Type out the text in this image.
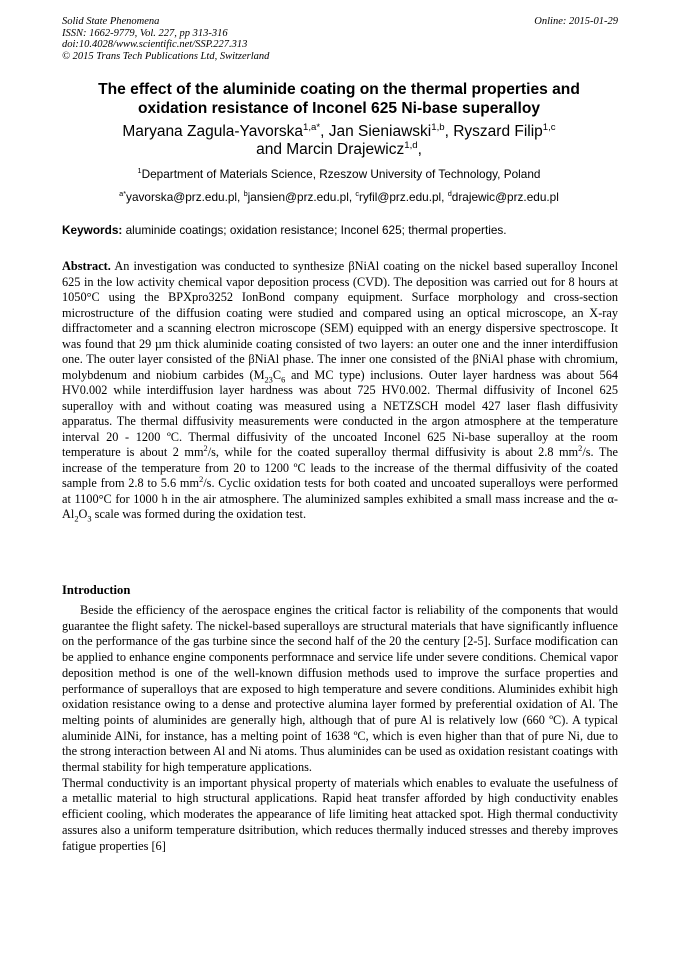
Solid State Phenomena
ISSN: 1662-9779, Vol. 227, pp 313-316
doi:10.4028/www.scientific.net/SSP.227.313
© 2015 Trans Tech Publications Ltd, Switzerland
Online: 2015-01-29
The effect of the aluminide coating on the thermal properties and
oxidation resistance of Inconel 625 Ni-base superalloy
Maryana Zagula-Yavorska$^{1,a*}$, Jan Sieniawski$^{1,b}$, Ryszard Filip$^{1,c}$
and Marcin Drajewicz$^{1,d}$,
$^1$Department of Materials Science, Rzeszow University of Technology, Poland
$^{a*}$yavorska@prz.edu.pl, $^b$jansien@prz.edu.pl, $^c$ryfil@prz.edu.pl, $^d$drajewic@prz.edu.pl
Keywords: aluminide coatings; oxidation resistance; Inconel 625; thermal properties.
Abstract. An investigation was conducted to synthesize βNiAl coating on the nickel based superalloy Inconel 625 in the low activity chemical vapor deposition process (CVD). The deposition was carried out for 8 hours at 1050°C using the BPXpro3252 IonBond company equipment. Surface morphology and cross-section microstructure of the diffusion coating were studied and compared using an optical microscope, an X-ray diffractometer and a scanning electron microscope (SEM) equipped with an energy dispersive spectroscope. It was found that 29 µm thick aluminide coating consisted of two layers: an outer one and the inner interdiffusion one. The outer layer consisted of the βNiAl phase. The inner one consisted of the βNiAl phase with chromium, molybdenum and niobium carbides ($M_{23}C_6$ and MC type) inclusions. Outer layer hardness was about 564 HV0.002 while interdiffusion layer hardness was about 725 HV0.002. Thermal diffusivity of Inconel 625 superalloy with and without coating was measured using a NETZSCH model 427 laser flash diffusivity apparatus. The thermal diffusivity measurements were conducted in the argon atmosphere at the temperature interval 20 - 1200 ºC. Thermal diffusivity of the uncoated Inconel 625 Ni-base superalloy at the room temperature is about 2 $mm^2/s$, while for the coated superalloy thermal diffusivity is about 2.8 $mm^2/s$. The increase of the temperature from 20 to 1200 ºC leads to the increase of the thermal diffusivity of the coated sample from 2.8 to 5.6 $mm^2/s$. Cyclic oxidation tests for both coated and uncoated superalloys were performed at 1100°C for 1000 h in the air atmosphere. The aluminized samples exhibited a small mass increase and the α- $Al_2O_3$ scale was formed during the oxidation test.
Introduction

Beside the efficiency of the aerospace engines the critical factor is reliability of the components that would guarantee the flight safety. The nickel-based superalloys are structural materials that have significantly influence on the performance of the gas turbine since the second half of the 20 the century [2-5]. Surface modification can be applied to enhance engine components performnace and service life under severe conditions. Chemical vapor deposition method is one of the well-known diffusion methods used to improve the surface properties and performance of superalloys that are exposed to high temperature and severe conditions. Aluminides exhibit high oxidation resistance owing to a dense and protective alumina layer formed by preferential oxidation of Al. The melting points of aluminides are generally high, although that of pure Al is relatively low (660 ºC). A typical aluminide AlNi, for instance, has a melting point of 1638 ºC, which is even higher than that of pure Ni, due to the strong interaction between Al and Ni atoms. Thus aluminides can be used as oxidation resistant coatings with thermal stability for high temperature applications.

Thermal conductivity is an important physical property of materials which enables to evaluate the usefulness of a metallic material to high structural applications. Rapid heat transfer afforded by high conductivity enables efficient cooling, which moderates the appearance of life limiting heat attacked spot. High thermal conductivity assures also a uniform temperature dsitribution, which reduces thermally induced stresses and thereby improves fatigue properties [6]
